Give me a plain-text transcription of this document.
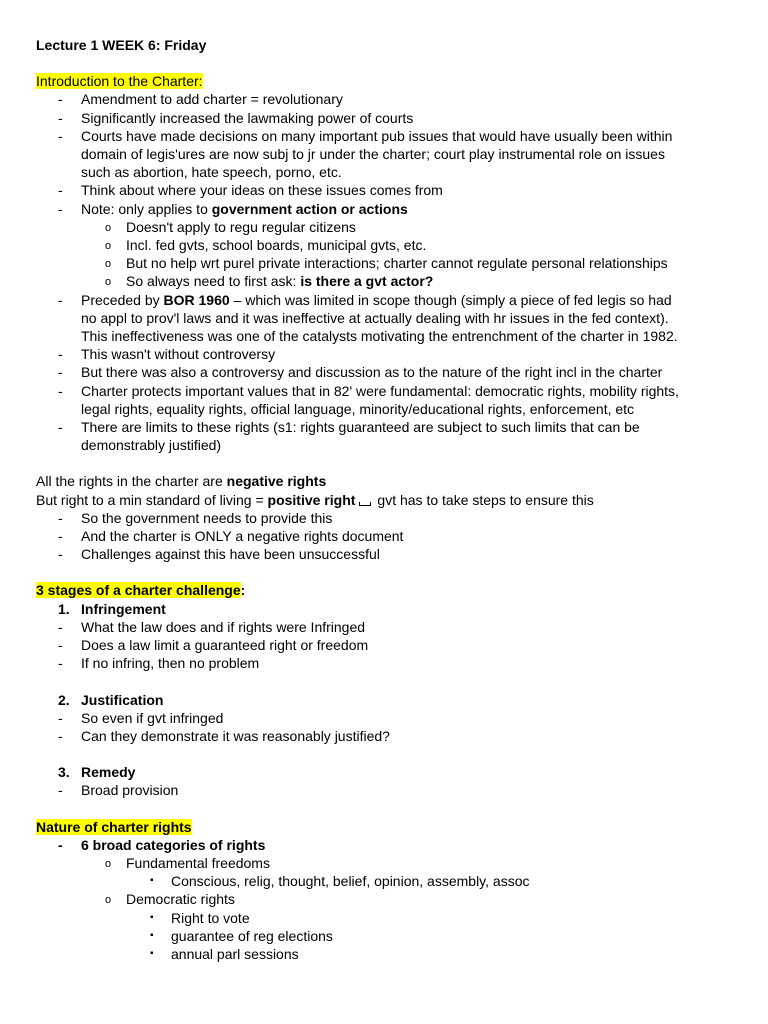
Lecture 1 WEEK 6: Friday
Introduction to the Charter:
- Amendment to add charter = revolutionary
- Significantly increased the lawmaking power of courts
- Courts have made decisions on many important pub issues that would have usually been within
domain of legis'ures are now subj to jr under the charter; court play instrumental role on issues
such as abortion, hate speech, porno, etc.
- Think about where your ideas on these issues comes from
- Note: only applies to government action or actions
o Doesn't apply to regu regular citizens
o Incl. fed gvts, school boards, municipal gvts, etc.
o But no help wrt purel private interactions; charter cannot regulate personal relationships
o So always need to first ask: is there a gvt actor?
- Preceded by BOR 1960 – which was limited in scope though (simply a piece of fed legis so had
no appl to prov'l laws and it was ineffective at actually dealing with hr issues in the fed context).
This ineffectiveness was one of the catalysts motivating the entrenchment of the charter in 1982.
- This wasn't without controversy
- But there was also a controversy and discussion as to the nature of the right incl in the charter
- Charter protects important values that in 82' were fundamental: democratic rights, mobility rights,
legal rights, equality rights, official language, minority/educational rights, enforcement, etc
- There are limits to these rights (s1: rights guaranteed are subject to such limits that can be
demonstrably justified)
All the rights in the charter are negative rights
But right to a min standard of living = positive right gvt has to take steps to ensure this
- So the government needs to provide this
- And the charter is ONLY a negative rights document
- Challenges against this have been unsuccessful
3 stages of a charter challenge:
1. Infringement
- What the law does and if rights were Infringed
- Does a law limit a guaranteed right or freedom
- If no infring, then no problem
2. Justification
- So even if gvt infringed
- Can they demonstrate it was reasonably justified?
3. Remedy
- Broad provision
Nature of charter rights
- 6 broad categories of rights
o Fundamental freedoms
▪ Conscious, relig, thought, belief, opinion, assembly, assoc
o Democratic rights
▪ Right to vote
▪ guarantee of reg elections
▪ annual parl sessions
